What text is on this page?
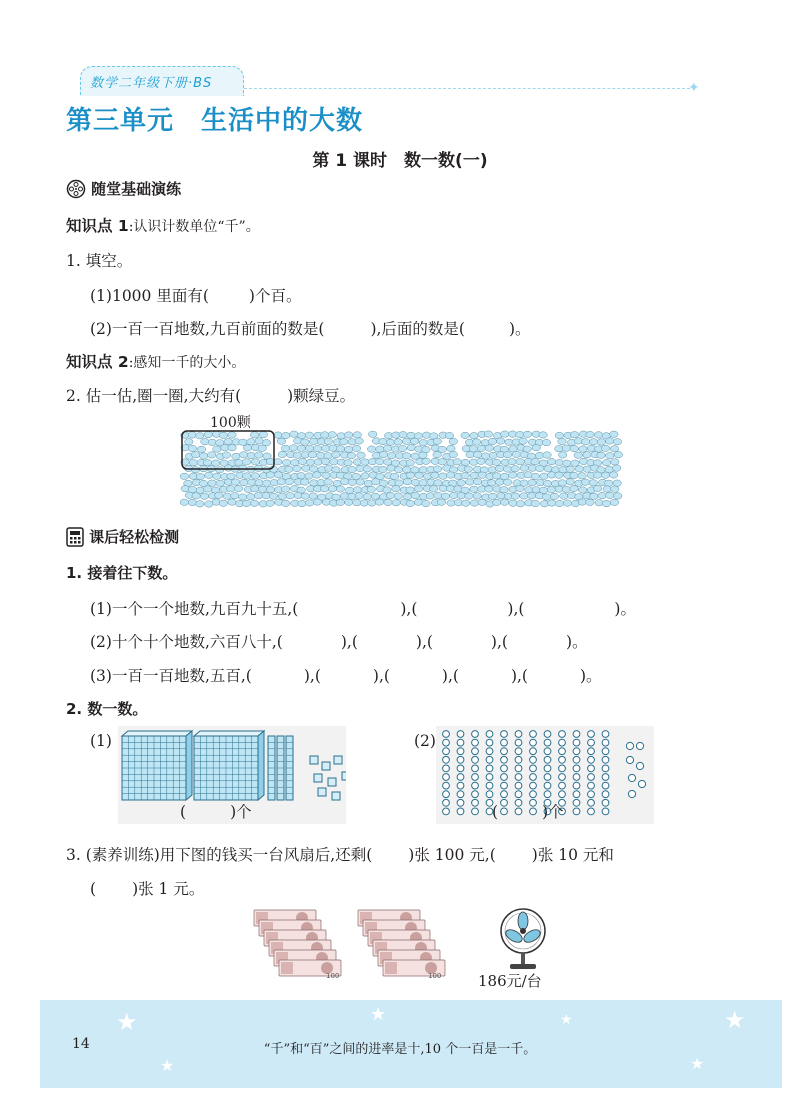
数学二年级下册·BS	✦
第三单元　生活中的大数
第 1 课时　数一数(一)
随堂基础演练
知识点 1:认识计数单位“千”。
1. 填空。
(1)1000 里面有(	)个百。
(2)一百一百地数,九百前面的数是(	),后面的数是(	)。
知识点 2:感知一千的大小。
2. 估一估,圈一圈,大约有(	)颗绿豆。
100颗
课后轻松检测
1. 接着往下数。
(1)一个一个地数,九百九十五,(	),(	),(	)。
(2)十个十个地数,六百八十,(	),(	),(	),(	)。
(3)一百一百地数,五百,(	),(	),(	),(	),(	)。
2. 数一数。
(1)
(	)个
(2)
(	)个
3. (素养训练)用下图的钱买一台风扇后,还剩( )张 100 元,( )张 10 元和
( )张 1 元。
100	100 186元/台
★	★	★	★
★	★
14	“千”和“百”之间的进率是十,10 个一百是一千。
